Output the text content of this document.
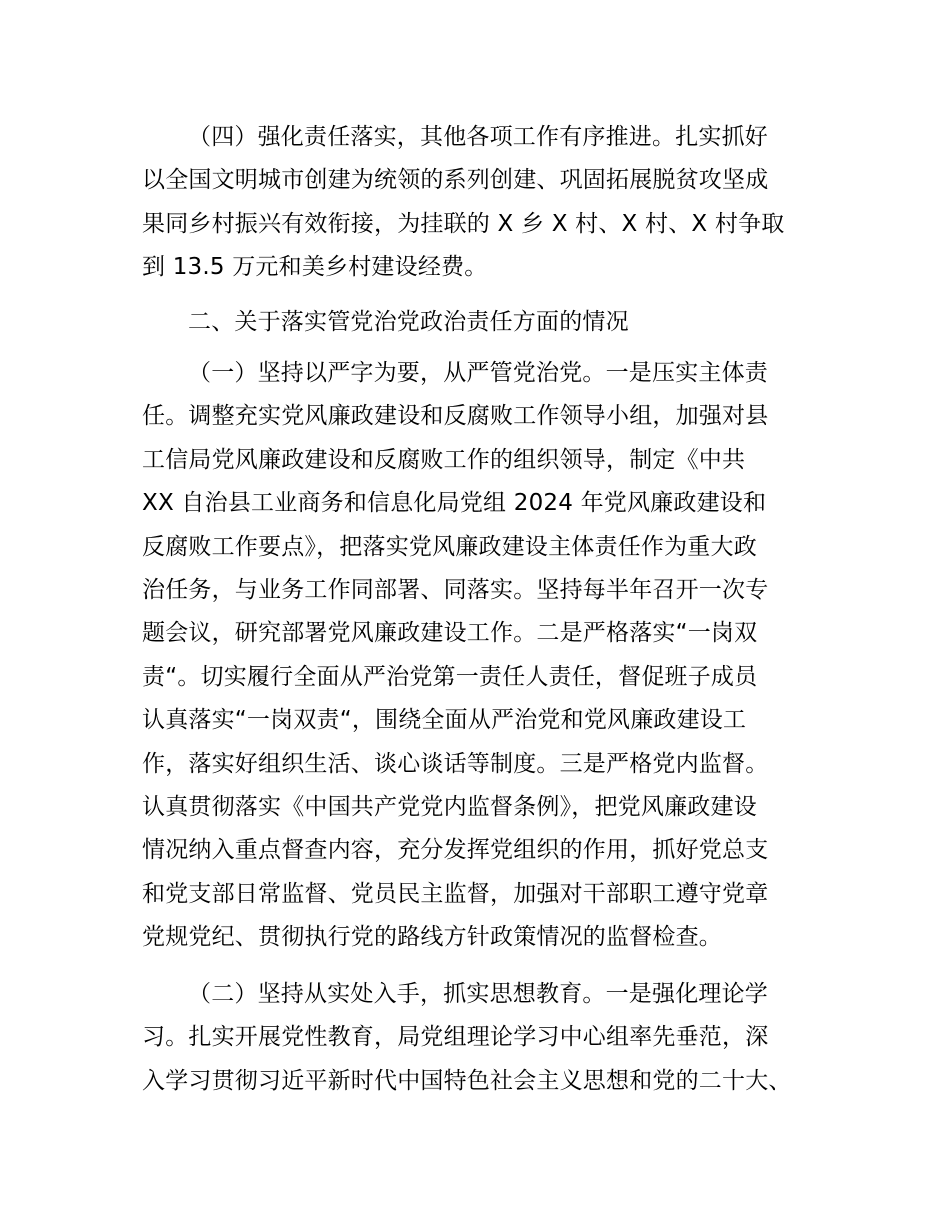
（四）强化责任落实，其他各项工作有序推进。扎实抓好
以全国文明城市创建为统领的系列创建、巩固拓展脱贫攻坚成
果同乡村振兴有效衔接，为挂联的 X 乡 X 村、X 村、X 村争取
到 13.5 万元和美乡村建设经费。
二、关于落实管党治党政治责任方面的情况
（一）坚持以严字为要，从严管党治党。一是压实主体责
任。调整充实党风廉政建设和反腐败工作领导小组，加强对县
工信局党风廉政建设和反腐败工作的组织领导，制定《中共
XX 自治县工业商务和信息化局党组 2024 年党风廉政建设和
反腐败工作要点》，把落实党风廉政建设主体责任作为重大政
治任务，与业务工作同部署、同落实。坚持每半年召开一次专
题会议，研究部署党风廉政建设工作。二是严格落实“一岗双
责“。切实履行全面从严治党第一责任人责任，督促班子成员
认真落实“一岗双责“，围绕全面从严治党和党风廉政建设工
作，落实好组织生活、谈心谈话等制度。三是严格党内监督。
认真贯彻落实《中国共产党党内监督条例》，把党风廉政建设
情况纳入重点督查内容，充分发挥党组织的作用，抓好党总支
和党支部日常监督、党员民主监督，加强对干部职工遵守党章
党规党纪、贯彻执行党的路线方针政策情况的监督检查。
（二）坚持从实处入手，抓实思想教育。一是强化理论学
习。扎实开展党性教育，局党组理论学习中心组率先垂范，深
入学习贯彻习近平新时代中国特色社会主义思想和党的二十大、
